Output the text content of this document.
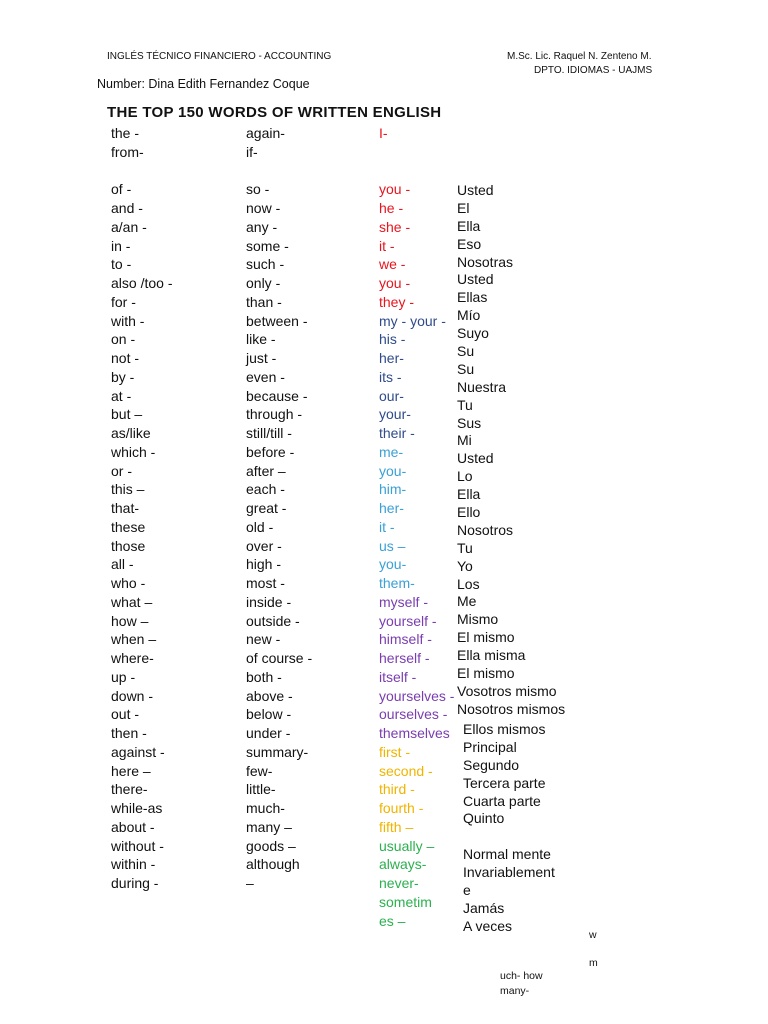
INGLÉS TÉCNICO FINANCIERO - ACCOUNTING	M.Sc. Lic. Raquel N. Zenteno M.
DPTO. IDIOMAS - UAJMS
Number: Dina Edith Fernandez Coque
THE TOP 150 WORDS OF WRITTEN ENGLISH
the -
from-
of -
and -
a/an -
in -
to -
also /too -
for -
with -
on -
not -
by -
at -
but –
as/like
which -
or -
this –
that-
these
those
all -
who -
what –
how –
when –
where-
up -
down -
out -
then -
against -
here –
there-
while-as
about -
without -
within -
during -
again-
if-
so -
now -
any -
some -
such -
only -
than -
between -
like -
just -
even -
because -
through -
still/till -
before -
after –
each -
great -
old -
over -
high -
most -
inside -
outside -
new -
of course -
both -
above -
below -
under -
summary-
few-
little-
much-
many –
goods –
although
–
I-
you -
he -
she -
it -
we -
you -
they -
my - your -
his -
her-
its -
our-
your-
their -
me-
you-
him-
her-
it -
us –
you-
them-
myself -
yourself -
himself -
herself -
itself -
yourselves -
ourselves -
themselves
first -
second -
third -
fourth -
fifth –
usually –
always-
never-
sometim
es –
Usted
El
Ella
Eso
Nosotras
Usted
Ellas
Mío
Suyo
Su
Su
Nuestra
Tu
Sus
Mi
Usted
Lo
Ella
Ello
Nosotros
Tu
Yo
Los
Me
Mismo
El mismo
Ella misma
El mismo
Vosotros mismo
Nosotros mismos
Ellos mismos
Principal
Segundo
Tercera parte
Cuarta parte
Quinto
Normal mente
Invariablement
e
Jamás
A veces
w
m
uch- how
many-
